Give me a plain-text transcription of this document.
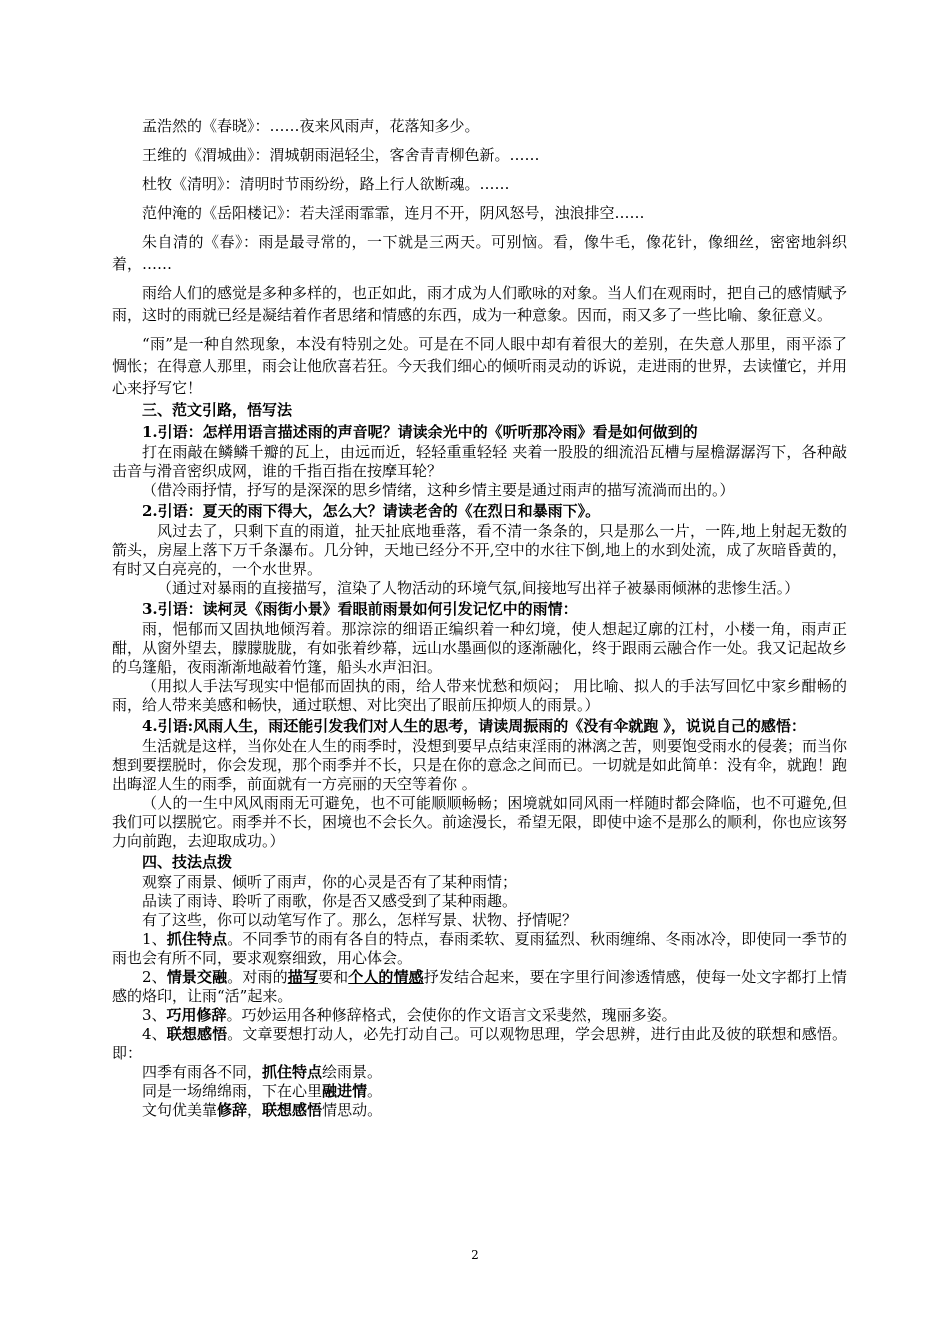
孟浩然的《春晓》：……夜来风雨声，花落知多少。

王维的《渭城曲》：渭城朝雨浥轻尘，客舍青青柳色新。……

杜牧《清明》：清明时节雨纷纷，路上行人欲断魂。……

范仲淹的《岳阳楼记》：若夫淫雨霏霏，连月不开，阴风怒号，浊浪排空……

朱自清的《春》：雨是最寻常的，一下就是三两天。可别恼。看，像牛毛，像花针，像细丝，密密地斜织着，……

雨给人们的感觉是多种多样的，也正如此，雨才成为人们歌咏的对象。当人们在观雨时，把自己的感情赋予雨，这时的雨就已经是凝结着作者思绪和情感的东西，成为一种意象。因而，雨又多了一些比喻、象征意义。

“雨”是一种自然现象，本没有特别之处。可是在不同人眼中却有着很大的差别，在失意人那里，雨平添了惆怅；在得意人那里，雨会让他欣喜若狂。今天我们细心的倾听雨灵动的诉说，走进雨的世界，去读懂它，并用心来抒写它！

三、范文引路，悟写法

1.引语：怎样用语言描述雨的声音呢？请读余光中的《听听那冷雨》看是如何做到的

打在雨敲在鳞鳞千瓣的瓦上，由远而近，轻轻重重轻轻 夹着一股股的细流沿瓦槽与屋檐潺潺泻下，各种敲击音与滑音密织成网，谁的千指百指在按摩耳轮？

（借冷雨抒情，抒写的是深深的思乡情绪，这种乡情主要是通过雨声的描写流淌而出的。）

2.引语：夏天的雨下得大，怎么大？请读老舍的《在烈日和暴雨下》。

风过去了，只剩下直的雨道，扯天扯底地垂落，看不清一条条的，只是那么一片，一阵,地上射起无数的箭头，房屋上落下万千条瀑布。几分钟，天地已经分不开,空中的水往下倒,地上的水到处流，成了灰暗昏黄的，有时又白亮亮的，一个水世界。

（通过对暴雨的直接描写，渲染了人物活动的环境气氛,间接地写出祥子被暴雨倾淋的悲惨生活。）

3.引语：读柯灵《雨街小景》看眼前雨景如何引发记忆中的雨情：

雨，悒郁而又固执地倾泻着。那淙淙的细语正编织着一种幻境，使人想起辽廓的江村，小楼一角，雨声正酣，从窗外望去，朦朦胧胧，有如张着纱幕，远山水墨画似的逐渐融化，终于跟雨云融合作一处。我又记起故乡的乌篷船，夜雨渐渐地敲着竹篷，船头水声汩汩。

（用拟人手法写现实中悒郁而固执的雨，给人带来忧愁和烦闷； 用比喻、拟人的手法写回忆中家乡酣畅的雨，给人带来美感和畅快，通过联想、对比突出了眼前压抑烦人的雨景。）

4.引语:风雨人生，雨还能引发我们对人生的思考，请读周振雨的《没有伞就跑 》，说说自己的感悟：

生活就是这样，当你处在人生的雨季时，没想到要早点结束淫雨的淋漓之苦，则要饱受雨水的侵袭；而当你想到要摆脱时，你会发现，那个雨季并不长，只是在你的意念之间而已。一切就是如此简单：没有伞，就跑！跑出晦涩人生的雨季，前面就有一方亮丽的天空等着你 。

（人的一生中风风雨雨无可避免，也不可能顺顺畅畅；困境就如同风雨一样随时都会降临，也不可避免,但我们可以摆脱它。雨季并不长，困境也不会长久。前途漫长，希望无限，即使中途不是那么的顺利，你也应该努力向前跑，去迎取成功。）

四、技法点拨

观察了雨景、倾听了雨声，你的心灵是否有了某种雨情；

品读了雨诗、聆听了雨歌，你是否又感受到了某种雨趣。

有了这些，你可以动笔写作了。那么，怎样写景、状物、抒情呢？

1、抓住特点。不同季节的雨有各自的特点，春雨柔软、夏雨猛烈、秋雨缠绵、冬雨冰冷，即使同一季节的雨也会有所不同，要求观察细致，用心体会。

2、情景交融。对雨的描写要和个人的情感抒发结合起来，要在字里行间渗透情感，使每一处文字都打上情感的烙印，让雨“活”起来。

3、巧用修辞。巧妙运用各种修辞格式，会使你的作文语言文采斐然，瑰丽多姿。

4、联想感悟。文章要想打动人，必先打动自己。可以观物思理，学会思辨，进行由此及彼的联想和感悟。即：

四季有雨各不同，抓住特点绘雨景。

同是一场绵绵雨，下在心里融进情。

文句优美靠修辞，联想感悟情思动。

2
